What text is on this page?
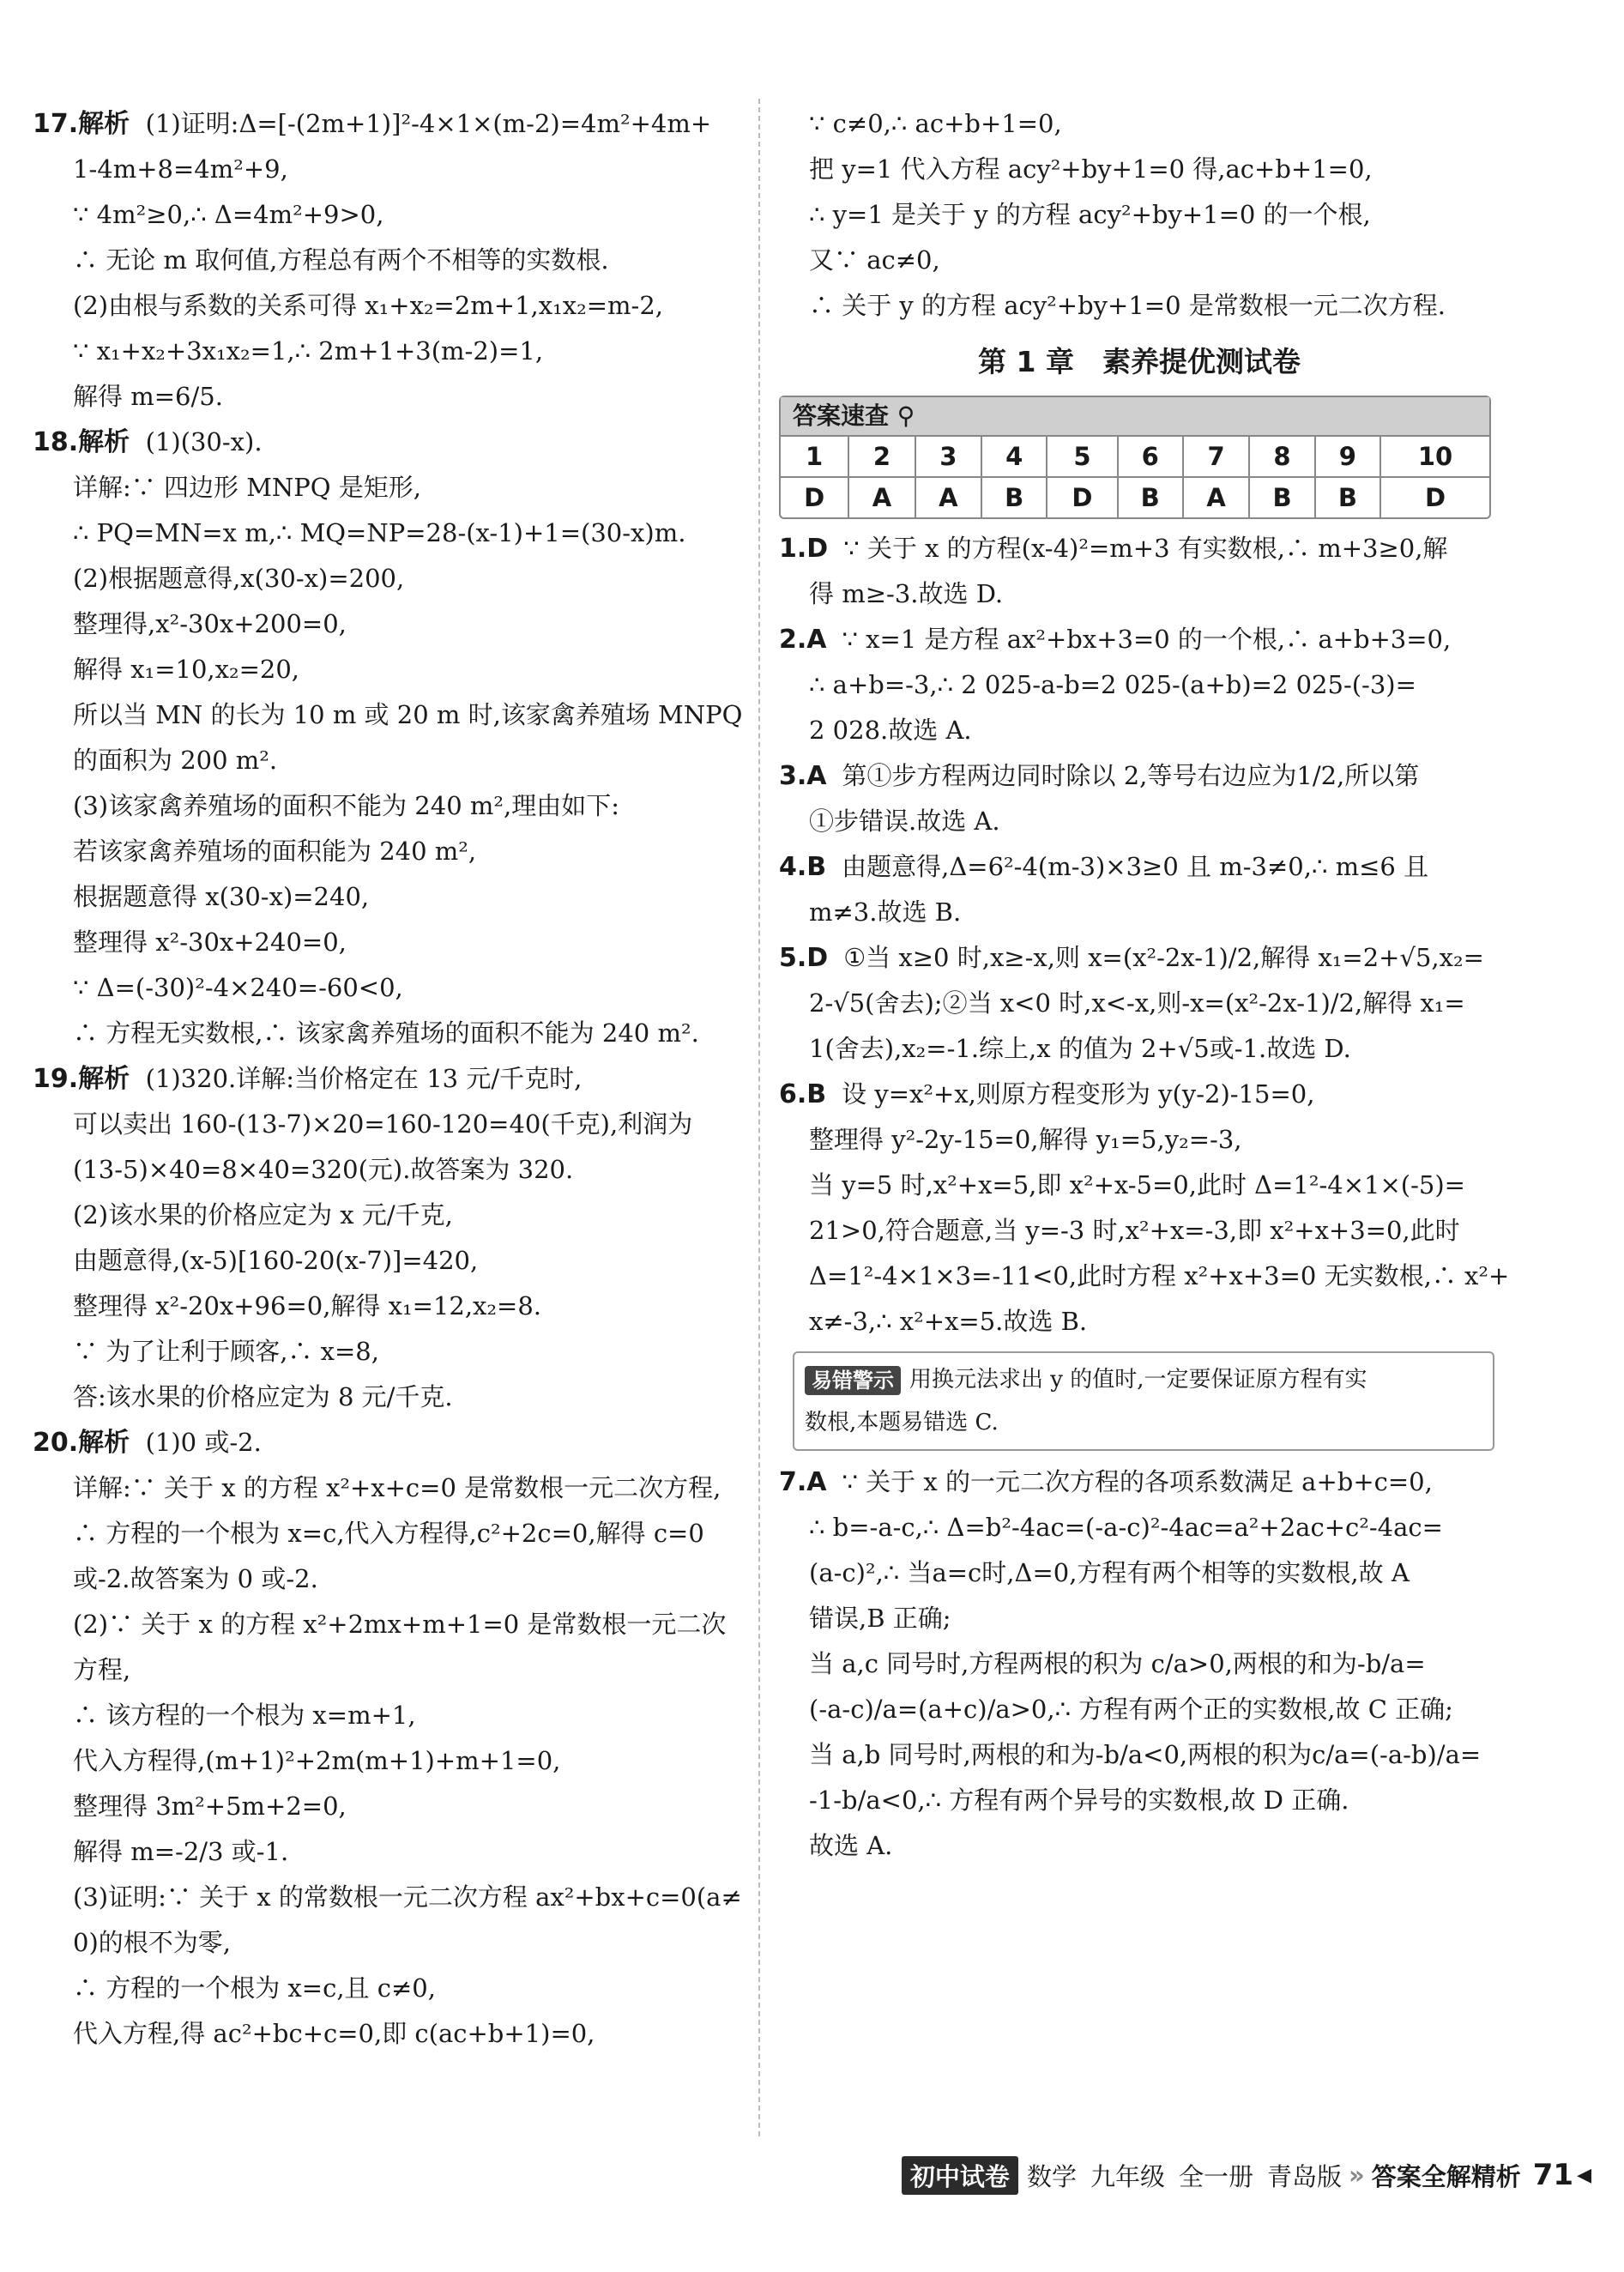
17.解析 (1)证明:Δ=[-(2m+1)]²-4×1×(m-2)=4m²+4m+
1-4m+8=4m²+9,
∵ 4m²≥0,∴ Δ=4m²+9>0,
∴ 无论 m 取何值,方程总有两个不相等的实数根.
(2)由根与系数的关系可得 x₁+x₂=2m+1,x₁x₂=m-2,
∵ x₁+x₂+3x₁x₂=1,∴ 2m+1+3(m-2)=1,
解得 m=6/5.
18.解析 (1)(30-x).
详解:∵ 四边形 MNPQ 是矩形,
∴ PQ=MN=x m,∴ MQ=NP=28-(x-1)+1=(30-x)m.
(2)根据题意得,x(30-x)=200,
整理得,x²-30x+200=0,
解得 x₁=10,x₂=20,
所以当 MN 的长为 10 m 或 20 m 时,该家禽养殖场 MNPQ
的面积为 200 m².
(3)该家禽养殖场的面积不能为 240 m²,理由如下:
若该家禽养殖场的面积能为 240 m²,
根据题意得 x(30-x)=240,
整理得 x²-30x+240=0,
∵ Δ=(-30)²-4×240=-60<0,
∴ 方程无实数根,∴ 该家禽养殖场的面积不能为 240 m².
19.解析 (1)320.详解:当价格定在 13 元/千克时,
可以卖出 160-(13-7)×20=160-120=40(千克),利润为
(13-5)×40=8×40=320(元).故答案为 320.
(2)该水果的价格应定为 x 元/千克,
由题意得,(x-5)[160-20(x-7)]=420,
整理得 x²-20x+96=0,解得 x₁=12,x₂=8.
∵ 为了让利于顾客,∴ x=8,
答:该水果的价格应定为 8 元/千克.
20.解析 (1)0 或-2.
详解:∵ 关于 x 的方程 x²+x+c=0 是常数根一元二次方程,
∴ 方程的一个根为 x=c,代入方程得,c²+2c=0,解得 c=0
或-2.故答案为 0 或-2.
(2)∵ 关于 x 的方程 x²+2mx+m+1=0 是常数根一元二次
方程,
∴ 该方程的一个根为 x=m+1,
代入方程得,(m+1)²+2m(m+1)+m+1=0,
整理得 3m²+5m+2=0,
解得 m=-2/3 或-1.
(3)证明:∵ 关于 x 的常数根一元二次方程 ax²+bx+c=0(a≠
0)的根不为零,
∴ 方程的一个根为 x=c,且 c≠0,
代入方程,得 ac²+bc+c=0,即 c(ac+b+1)=0,
∵ c≠0,∴ ac+b+1=0,
把 y=1 代入方程 acy²+by+1=0 得,ac+b+1=0,
∴ y=1 是关于 y 的方程 acy²+by+1=0 的一个根,
又∵ ac≠0,
∴ 关于 y 的方程 acy²+by+1=0 是常数根一元二次方程.
第 1 章　素养提优测试卷
答案速查 ⚲
1	2	3	4	5	6	7	8	9	10
D	A	A	B	D	B	A	B	B	D
1.D ∵ 关于 x 的方程(x-4)²=m+3 有实数根,∴ m+3≥0,解
得 m≥-3.故选 D.
2.A ∵ x=1 是方程 ax²+bx+3=0 的一个根,∴ a+b+3=0,
∴ a+b=-3,∴ 2 025-a-b=2 025-(a+b)=2 025-(-3)=
2 028.故选 A.
3.A 第①步方程两边同时除以 2,等号右边应为1/2,所以第
①步错误.故选 A.
4.B 由题意得,Δ=6²-4(m-3)×3≥0 且 m-3≠0,∴ m≤6 且
m≠3.故选 B.
5.D ①当 x≥0 时,x≥-x,则 x=(x²-2x-1)/2,解得 x₁=2+√5,x₂=
2-√5(舍去);②当 x<0 时,x<-x,则-x=(x²-2x-1)/2,解得 x₁=
1(舍去),x₂=-1.综上,x 的值为 2+√5或-1.故选 D.
6.B 设 y=x²+x,则原方程变形为 y(y-2)-15=0,
整理得 y²-2y-15=0,解得 y₁=5,y₂=-3,
当 y=5 时,x²+x=5,即 x²+x-5=0,此时 Δ=1²-4×1×(-5)=
21>0,符合题意,当 y=-3 时,x²+x=-3,即 x²+x+3=0,此时
Δ=1²-4×1×3=-11<0,此时方程 x²+x+3=0 无实数根,∴ x²+
x≠-3,∴ x²+x=5.故选 B.
易错警示 用换元法求出 y 的值时,一定要保证原方程有实
数根,本题易错选 C.
7.A ∵ 关于 x 的一元二次方程的各项系数满足 a+b+c=0,
∴ b=-a-c,∴ Δ=b²-4ac=(-a-c)²-4ac=a²+2ac+c²-4ac=
(a-c)²,∴ 当a=c时,Δ=0,方程有两个相等的实数根,故 A
错误,B 正确;
当 a,c 同号时,方程两根的积为 c/a>0,两根的和为-b/a=
(-a-c)/a=(a+c)/a>0,∴ 方程有两个正的实数根,故 C 正确;
当 a,b 同号时,两根的和为-b/a<0,两根的积为c/a=(-a-b)/a=
-1-b/a<0,∴ 方程有两个异号的实数根,故 D 正确.
故选 A.
初中试卷 数学 九年级 全一册 青岛版 » 答案全解精析 71 ◀
